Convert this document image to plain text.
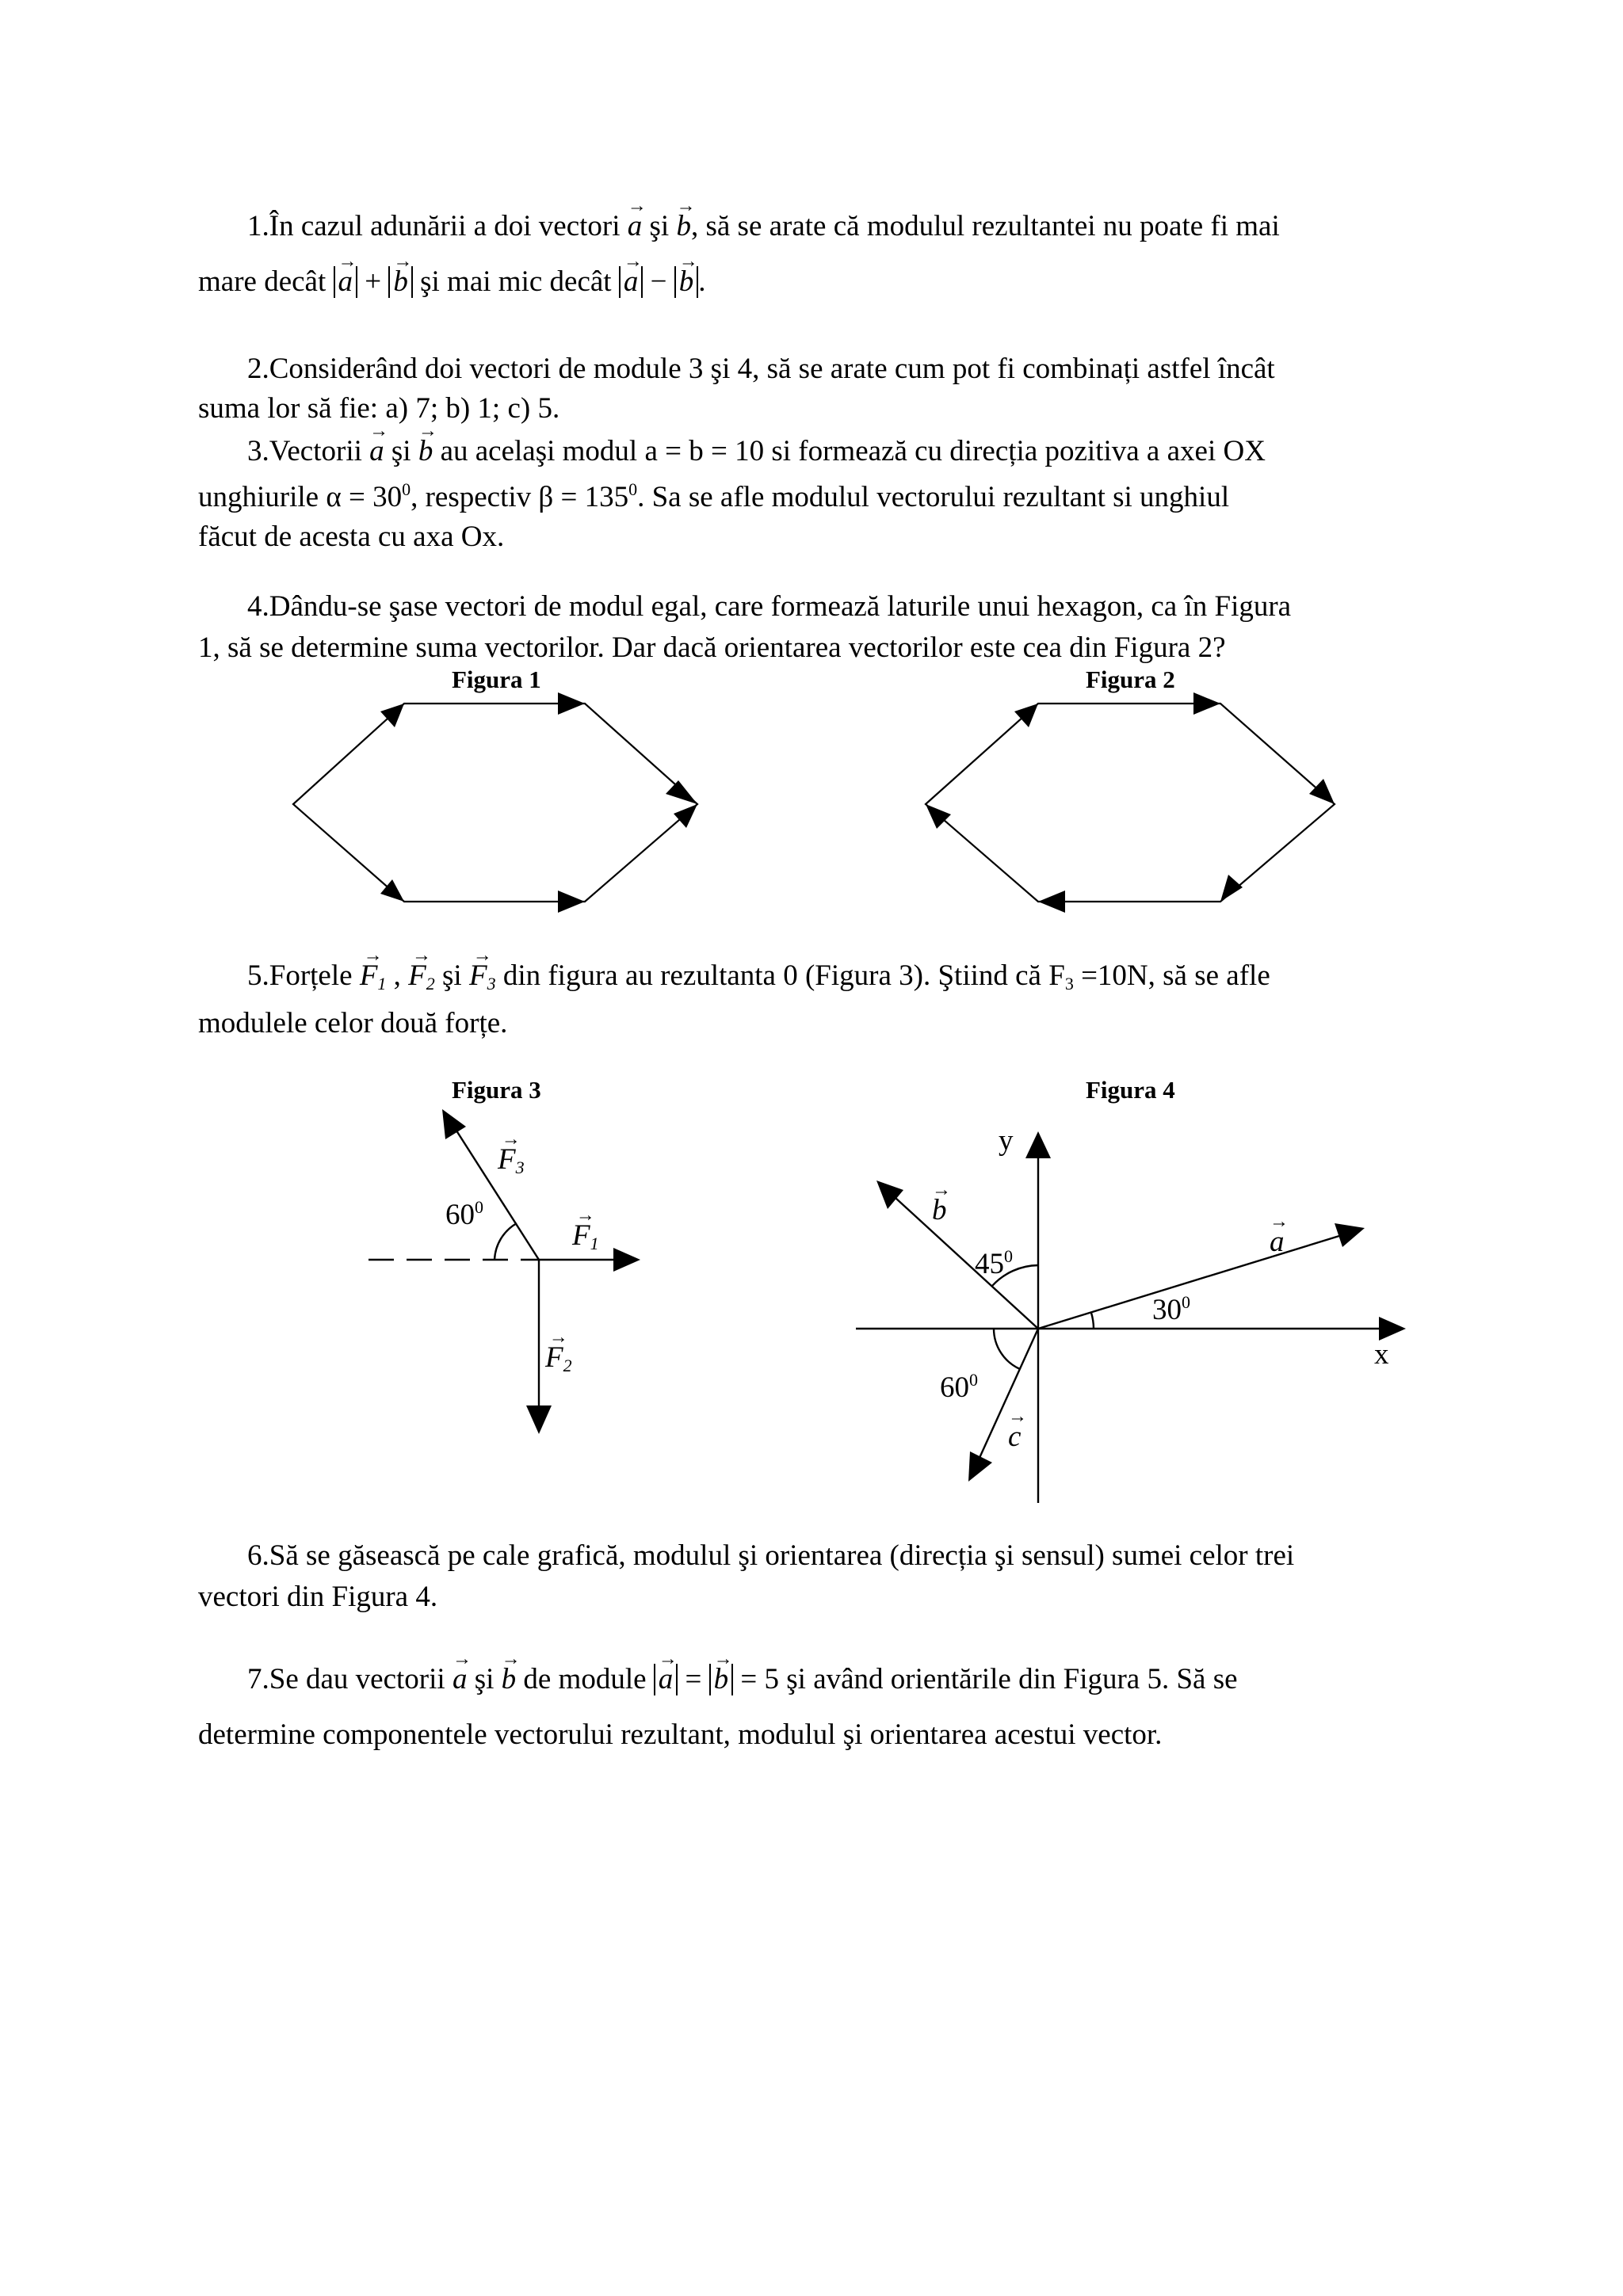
1.În cazul adunării a doi vectori → a şi → b, să se arate că modulul rezultantei nu poate fi mai

mare decât → a + → b şi mai mic decât → a − → b .

2.Considerând doi vectori de module 3 şi 4, să se arate cum pot fi combinați astfel încât

suma lor să fie: a) 7; b) 1; c) 5.

3.Vectorii → a şi → b au acelaşi modul a = b = 10 si formează cu direcția pozitiva a axei OX

unghiurile $\alpha = 30^0$, respectiv $\beta = 135^0$. Sa se afle modulul vectorului rezultant si unghiul

făcut de acesta cu axa Ox.

4.Dându-se şase vectori de modul egal, care formează laturile unui hexagon, ca în Figura

1, să se determine suma vectorilor. Dar dacă orientarea vectorilor este cea din Figura 2?

Figura 1	Figura 2

5.Forțele → $F_1$ , → $F_2$ şi → $F_3$ din figura au rezultanta 0 (Figura 3). Ştiind că $F_3 =10N$, să se afle

modulele celor două forțe.

Figura 3
$60^0$
→ $F_3$
→ $F_1$
→ $F_2$
Figura 4
y
x
→ a
→ b
→ c
$45^0$
$30^0$
$60^0$

6.Să se găsească pe cale grafică, modulul şi orientarea (direcția şi sensul) sumei celor trei

vectori din Figura 4.

7.Se dau vectorii → a şi → b de module → a = → b = 5 şi având orientările din Figura 5. Să se

determine componentele vectorului rezultant, modulul şi orientarea acestui vector.
